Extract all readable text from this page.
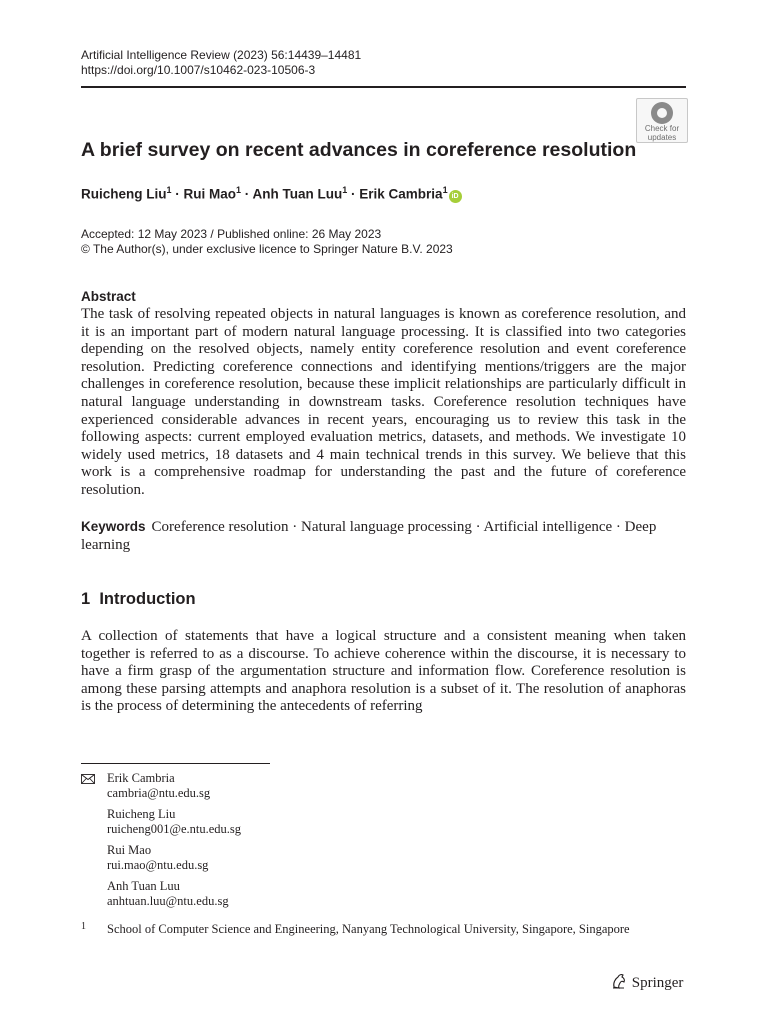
Artificial Intelligence Review (2023) 56:14439–14481
https://doi.org/10.1007/s10462-023-10506-3
Check for
updates
A brief survey on recent advances in coreference resolution
Ruicheng Liu$^1$ · Rui Mao$^1$ · Anh Tuan Luu$^1$ · Erik Cambria$^1$iD
Accepted: 12 May 2023 / Published online: 26 May 2023
© The Author(s), under exclusive licence to Springer Nature B.V. 2023
Abstract
The task of resolving repeated objects in natural languages is known as coreference resolution, and it is an important part of modern natural language processing. It is classified into two categories depending on the resolved objects, namely entity coreference resolution and event coreference resolution. Predicting coreference connections and identifying mentions/triggers are the major challenges in coreference resolution, because these implicit relationships are particularly difficult in natural language understanding in downstream tasks. Coreference resolution techniques have experienced considerable advances in recent years, encouraging us to review this task in the following aspects: current employed evaluation metrics, datasets, and methods. We investigate 10 widely used metrics, 18 datasets and 4 main technical trends in this survey. We believe that this work is a comprehensive roadmap for understanding the past and the future of coreference resolution.
Keywords Coreference resolution · Natural language processing · Artificial intelligence · Deep learning
1  Introduction
A collection of statements that have a logical structure and a consistent meaning when taken together is referred to as a discourse. To achieve coherence within the discourse, it is necessary to have a firm grasp of the argumentation structure and information flow. Coreference resolution is among these parsing attempts and anaphora resolution is a subset of it. The resolution of anaphoras is the process of determining the antecedents of referring
Erik Cambria
cambria@ntu.edu.sg
Ruicheng Liu
ruicheng001@e.ntu.edu.sg
Rui Mao
rui.mao@ntu.edu.sg
Anh Tuan Luu
anhtuan.luu@ntu.edu.sg
1 School of Computer Science and Engineering, Nanyang Technological University, Singapore, Singapore
Springer
